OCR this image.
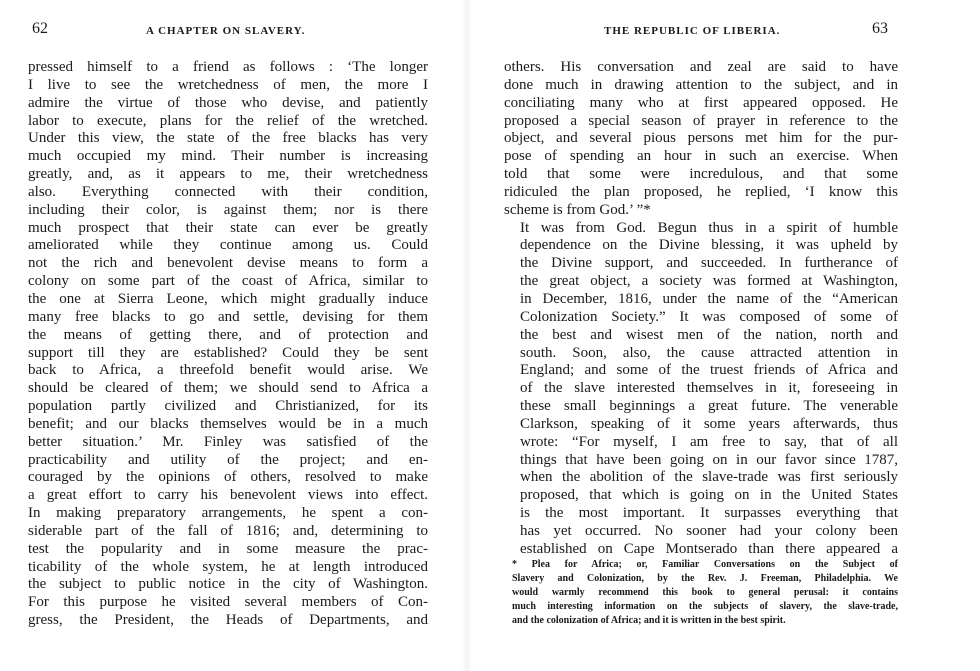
62	A CHAPTER ON SLAVERY.

pressed himself to a friend as follows : ‘The longer
I live to see the wretchedness of men, the more I
admire the virtue of those who devise, and patiently
labor to execute, plans for the relief of the wretched.
Under this view, the state of the free blacks has very
much occupied my mind. Their number is increasing
greatly, and, as it appears to me, their wretchedness
also. Everything connected with their condition,
including their color, is against them; nor is there
much prospect that their state can ever be greatly
ameliorated while they continue among us. Could
not the rich and benevolent devise means to form a
colony on some part of the coast of Africa, similar to
the one at Sierra Leone, which might gradually induce
many free blacks to go and settle, devising for them
the means of getting there, and of protection and
support till they are established? Could they be sent
back to Africa, a threefold benefit would arise. We
should be cleared of them; we should send to Africa a
population partly civilized and Christianized, for its
benefit; and our blacks themselves would be in a much
better situation.’ Mr. Finley was satisfied of the
practicability and utility of the project; and en-
couraged by the opinions of others, resolved to make
a great effort to carry his benevolent views into effect.
In making preparatory arrangements, he spent a con-
siderable part of the fall of 1816; and, determining to
test the popularity and in some measure the prac-
ticability of the whole system, he at length introduced
the subject to public notice in the city of Washington.
For this purpose he visited several members of Con-
gress, the President, the Heads of Departments, and

THE REPUBLIC OF LIBERIA.	63

others. His conversation and zeal are said to have
done much in drawing attention to the subject, and in
conciliating many who at first appeared opposed. He
proposed a special season of prayer in reference to the
object, and several pious persons met him for the pur-
pose of spending an hour in such an exercise. When
told that some were incredulous, and that some
ridiculed the plan proposed, he replied, ‘I know this
scheme is from God.’ ”*

It was from God. Begun thus in a spirit of humble
dependence on the Divine blessing, it was upheld by
the Divine support, and succeeded. In furtherance of
the great object, a society was formed at Washington,
in December, 1816, under the name of the “American
Colonization Society.” It was composed of some of
the best and wisest men of the nation, north and
south. Soon, also, the cause attracted attention in
England; and some of the truest friends of Africa and
of the slave interested themselves in it, foreseeing in
these small beginnings a great future. The venerable
Clarkson, speaking of it some years afterwards, thus
wrote: “For myself, I am free to say, that of all
things that have been going on in our favor since 1787,
when the abolition of the slave-trade was first seriously
proposed, that which is going on in the United States
is the most important. It surpasses everything that
has yet occurred. No sooner had your colony been
established on Cape Montserado than there appeared a

* Plea for Africa; or, Familiar Conversations on the Subject of
Slavery and Colonization, by the Rev. J. Freeman, Philadelphia. We
would warmly recommend this book to general perusal: it contains
much interesting information on the subjects of slavery, the slave-trade,
and the colonization of Africa; and it is written in the best spirit.
